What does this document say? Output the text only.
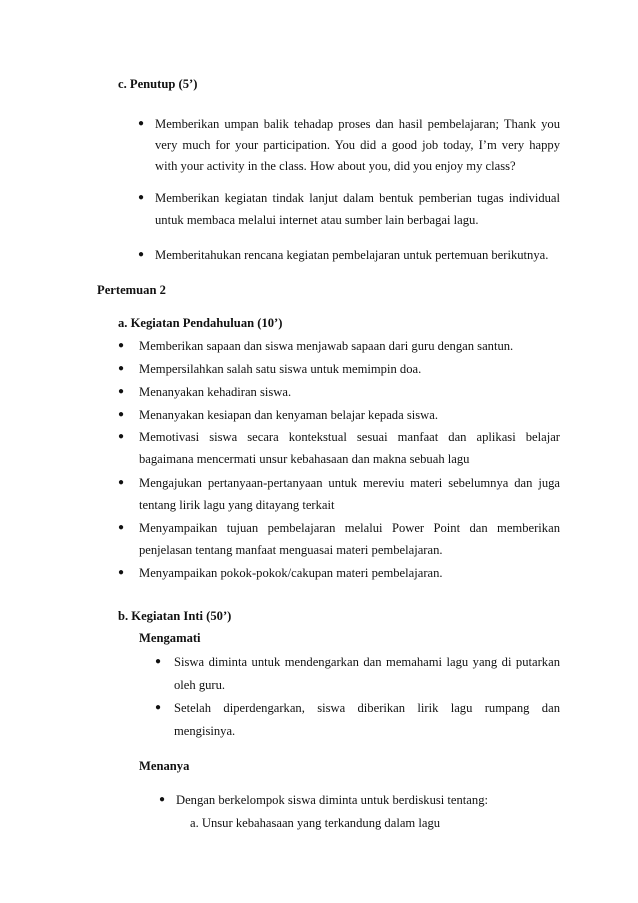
c. Penutup (5’)
● Memberikan umpan balik tehadap proses dan hasil pembelajaran; Thank you
very much for your participation. You did a good job today, I’m very happy
with your activity in the class. How about you, did you enjoy my class?
● Memberikan kegiatan tindak lanjut dalam bentuk pemberian tugas individual
untuk membaca melalui internet atau sumber lain berbagai lagu.
● Memberitahukan rencana kegiatan pembelajaran untuk pertemuan berikutnya.
Pertemuan 2
a. Kegiatan Pendahuluan (10’)
● Memberikan sapaan dan siswa menjawab sapaan dari guru dengan santun.
● Mempersilahkan salah satu siswa untuk memimpin doa.
● Menanyakan kehadiran siswa.
● Menanyakan kesiapan dan kenyaman belajar kepada siswa.
● Memotivasi siswa secara kontekstual sesuai manfaat dan aplikasi belajar
bagaimana mencermati unsur kebahasaan dan makna sebuah lagu
● Mengajukan pertanyaan-pertanyaan untuk mereviu materi sebelumnya dan juga
tentang lirik lagu yang ditayang terkait
● Menyampaikan tujuan pembelajaran melalui Power Point dan memberikan
penjelasan tentang manfaat menguasai materi pembelajaran.
● Menyampaikan pokok-pokok/cakupan materi pembelajaran.
b. Kegiatan Inti (50’)
Mengamati
● Siswa diminta untuk mendengarkan dan memahami lagu yang di putarkan
oleh guru.
● Setelah diperdengarkan, siswa diberikan lirik lagu rumpang dan
mengisinya.
Menanya
● Dengan berkelompok siswa diminta untuk berdiskusi tentang:
a. Unsur kebahasaan yang terkandung dalam lagu
